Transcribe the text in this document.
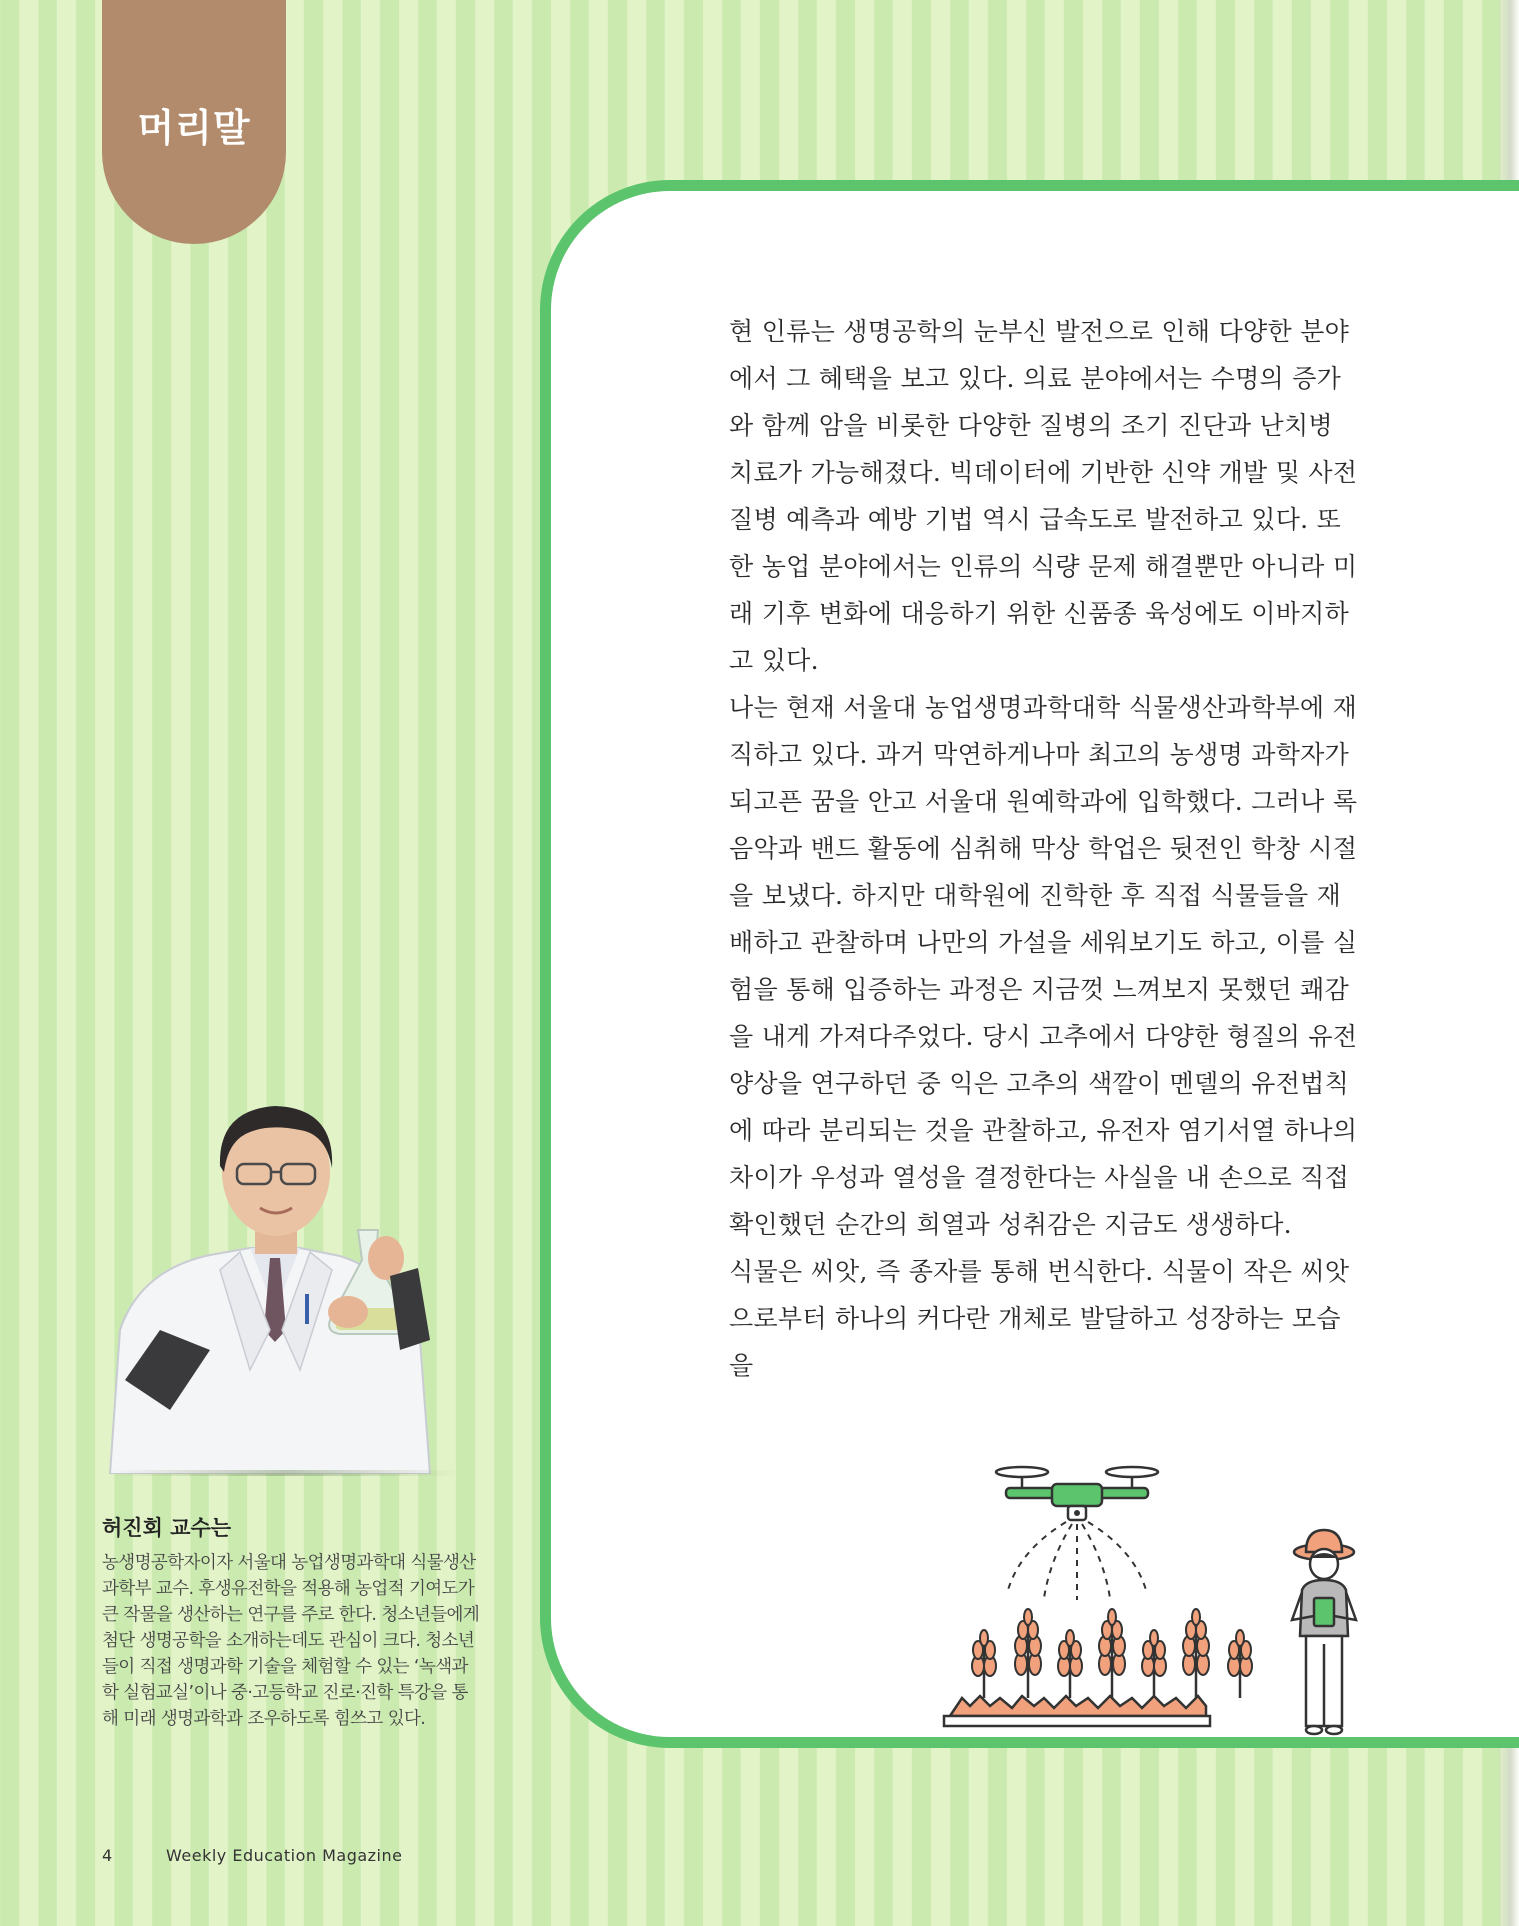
머리말

현 인류는 생명공학의 눈부신 발전으로 인해 다양한 분야에서 그 혜택을 보고 있다. 의료 분야에서는 수명의 증가와 함께 암을 비롯한 다양한 질병의 조기 진단과 난치병 치료가 가능해졌다. 빅데이터에 기반한 신약 개발 및 사전 질병 예측과 예방 기법 역시 급속도로 발전하고 있다. 또한 농업 분야에서는 인류의 식량 문제 해결뿐만 아니라 미래 기후 변화에 대응하기 위한 신품종 육성에도 이바지하고 있다.

나는 현재 서울대 농업생명과학대학 식물생산과학부에 재직하고 있다. 과거 막연하게나마 최고의 농생명 과학자가 되고픈 꿈을 안고 서울대 원예학과에 입학했다. 그러나 록 음악과 밴드 활동에 심취해 막상 학업은 뒷전인 학창 시절을 보냈다. 하지만 대학원에 진학한 후 직접 식물들을 재배하고 관찰하며 나만의 가설을 세워보기도 하고, 이를 실험을 통해 입증하는 과정은 지금껏 느껴보지 못했던 쾌감을 내게 가져다주었다. 당시 고추에서 다양한 형질의 유전 양상을 연구하던 중 익은 고추의 색깔이 멘델의 유전법칙에 따라 분리되는 것을 관찰하고, 유전자 염기서열 하나의 차이가 우성과 열성을 결정한다는 사실을 내 손으로 직접 확인했던 순간의 희열과 성취감은 지금도 생생하다.

식물은 씨앗, 즉 종자를 통해 번식한다. 식물이 작은 씨앗으로부터 하나의 커다란 개체로 발달하고 성장하는 모습을

허진회 교수는

농생명공학자이자 서울대 농업생명과학대 식물생산과학부 교수. 후생유전학을 적용해 농업적 기여도가 큰 작물을 생산하는 연구를 주로 한다. 청소년들에게 첨단 생명공학을 소개하는데도 관심이 크다. 청소년들이 직접 생명과학 기술을 체험할 수 있는 ‘녹색과학 실험교실’이나 중·고등학교 진로·진학 특강을 통해 미래 생명과학과 조우하도록 힘쓰고 있다.

4	Weekly Education Magazine
